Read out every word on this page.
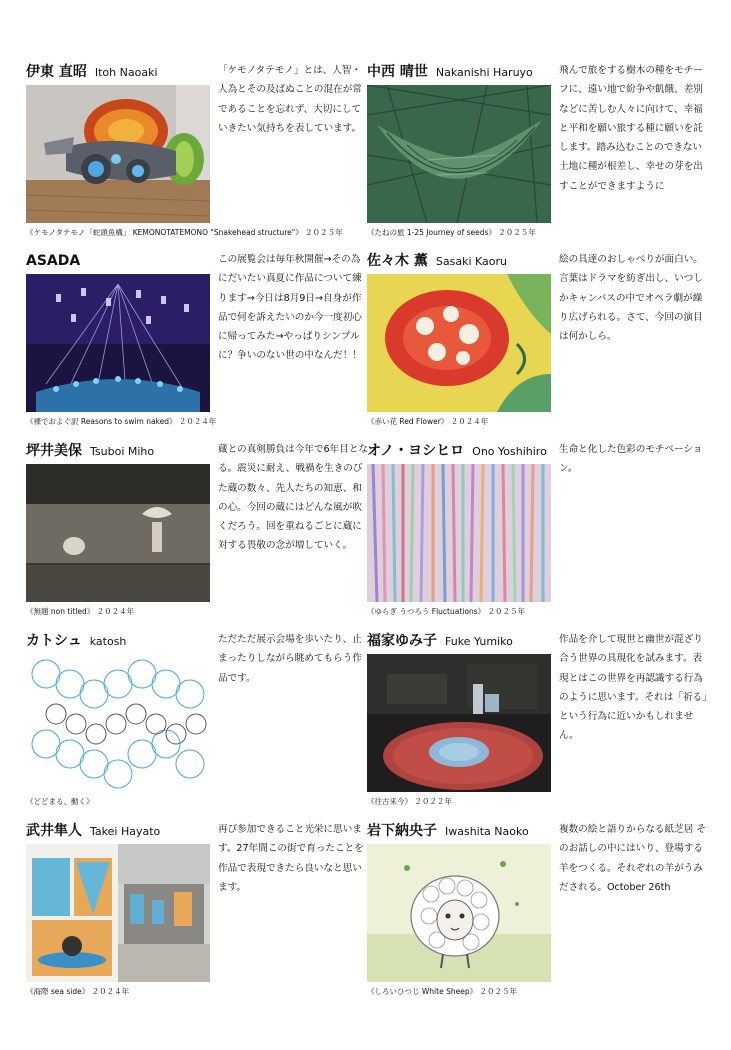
伊東 直昭 Itoh Naoaki
《ケモノタテモノ「蛇頭魚構」 KEMONOTATEMONO "Snakehead structure"》 ２０２５年
「ケモノタテモノ」とは、人智・人為とその及ばぬことの混在が常であることを忘れず、大切にしていきたい気持ちを表しています。
中西 晴世 Nakanishi Haruyo
《たねの旅 1-25 Journey of seeds》 ２０２５年
飛んで旅をする樹木の種をモチーフに、遠い地で紛争や飢餓、差別などに苦しむ人々に向けて、幸福と平和を願い旅する種に願いを託します。踏み込むことのできない土地に種が根差し、幸せの芽を出すことができますように
ASADA
《裸でおよぐ訳 Reasons to swim naked》 ２０２４年
この展覧会は毎年秋開催→その為にだいたい真夏に作品について練ります→今日は8月9日→自身が作品で何を訴えたいのか今一度初心に帰ってみた→やっぱりシンプルに？争いのない世の中なんだ！！
佐々木 薫 Sasaki Kaoru
《赤い花 Red Flower》 ２０２４年
絵の具達のおしゃべりが面白い。言葉はドラマを紡ぎ出し、いつしかキャンバスの中でオペラ劇が繰り広げられる。さて、今回の演目は何かしら。
坪井美保 Tsuboi Miho
《無題 non titled》 ２０２４年
蔵との真剣勝負は今年で6年目となる。震災に耐え、戦禍を生きのびた蔵の数々、先人たちの知恵、和の心。今回の蔵にはどんな風が吹くだろう。回を重ねるごとに蔵に対する畏敬の念が増していく。
オノ・ヨシヒロ Ono Yoshihiro
《ゆらぎ うつろう Fluctuations》 ２０２５年
生命と化した色彩のモチベーション。
カトシュ katosh
《どどまる、動く》
ただただ展示会場を歩いたり、止まったりしながら眺めてもらう作品です。
福家ゆみ子 Fuke Yumiko
《往古来今》 ２０２２年
作品を介して現世と幽世が混ざり合う世界の具現化を試みます。表現とはこの世界を再認識する行為のように思います。それは「祈る」という行為に近いかもしれません。
武井隼人 Takei Hayato
《海際 sea side》 ２０２４年
再び参加できること光栄に思います。27年間この街で育ったことを作品で表現できたら良いなと思います。
岩下納央子 Iwashita Naoko
《しろいひつじ White Sheep》 ２０２５年
複数の絵と語りからなる紙芝居 そのお話しの中にはいり、登場する羊をつくる。それぞれの羊がうみだされる。October 26th
